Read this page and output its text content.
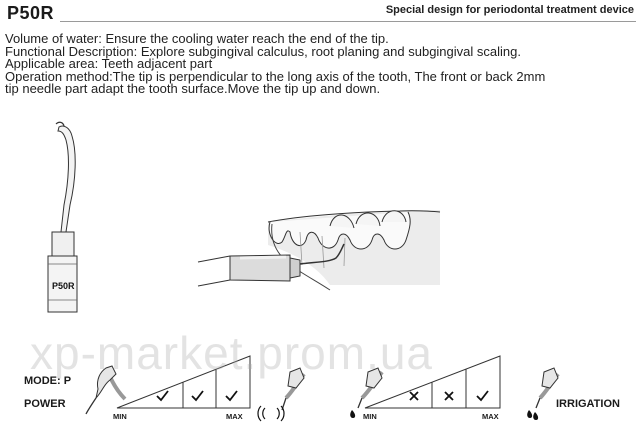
P50R	Special design for periodontal treatment device
Volume of water: Ensure the cooling water reach the end of the tip.
Functional Description: Explore subgingival calculus, root planing and subgingival scaling.
Applicable area: Teeth adjacent part
Operation method:The tip is perpendicular to the long axis of the tooth, The front or back 2mm
tip needle part adapt the tooth surface.Move the tip up and down.
P50R
xp-market.prom.ua
MODE: P
POWER	IRRIGATION
MIN	MAX	MIN	MAX
